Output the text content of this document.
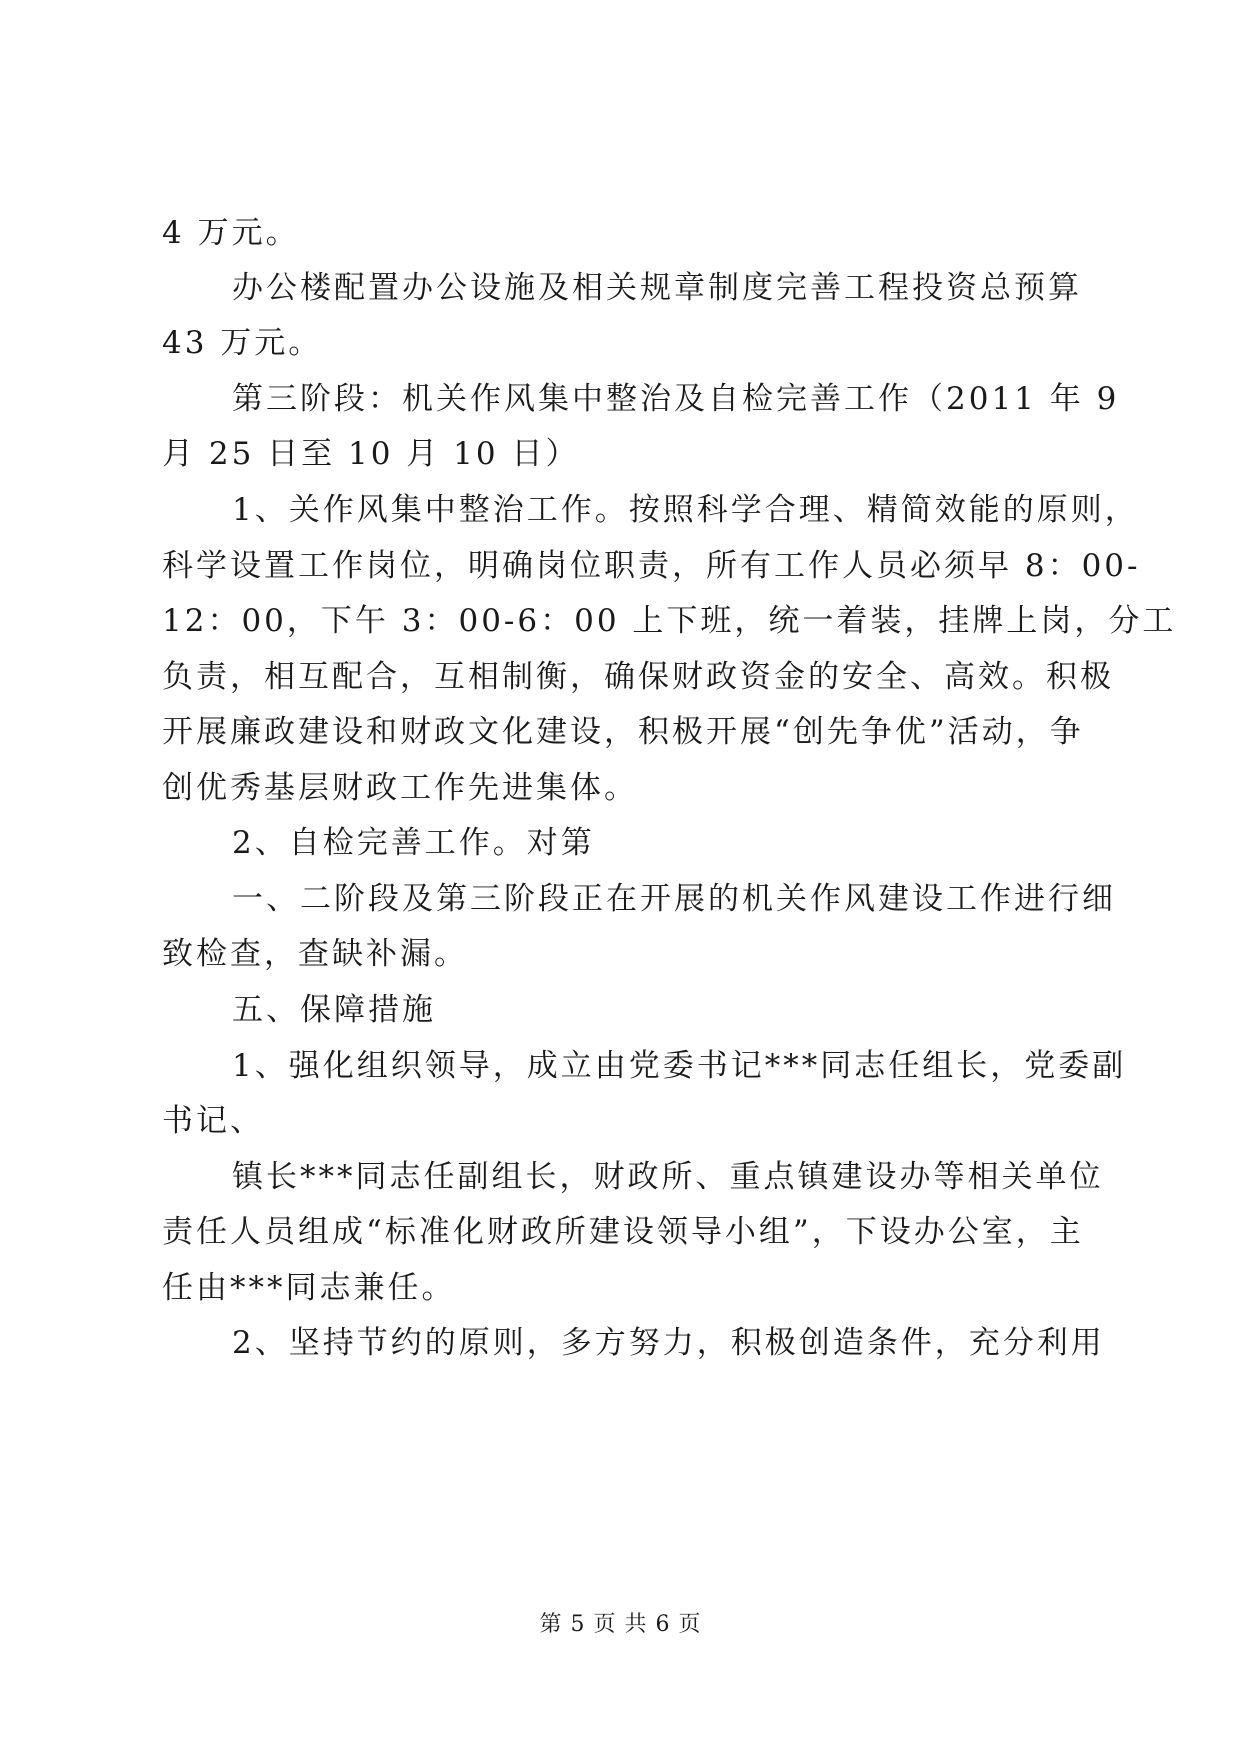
4 万元。
办公楼配置办公设施及相关规章制度完善工程投资总预算
43 万元。
第三阶段：机关作风集中整治及自检完善工作（2011 年 9
月 25 日至 10 月 10 日）
1、关作风集中整治工作。按照科学合理、精简效能的原则，
科学设置工作岗位，明确岗位职责，所有工作人员必须早 8：00-
12：00，下午 3：00-6：00 上下班，统一着装，挂牌上岗，分工
负责，相互配合，互相制衡，确保财政资金的安全、高效。积极
开展廉政建设和财政文化建设，积极开展“创先争优”活动，争
创优秀基层财政工作先进集体。
2、自检完善工作。对第
一、二阶段及第三阶段正在开展的机关作风建设工作进行细
致检查，查缺补漏。
五、保障措施
1、强化组织领导，成立由党委书记***同志任组长，党委副
书记、
镇长***同志任副组长，财政所、重点镇建设办等相关单位
责任人员组成“标准化财政所建设领导小组”，下设办公室，主
任由***同志兼任。
2、坚持节约的原则，多方努力，积极创造条件，充分利用
第 5 页 共 6 页
